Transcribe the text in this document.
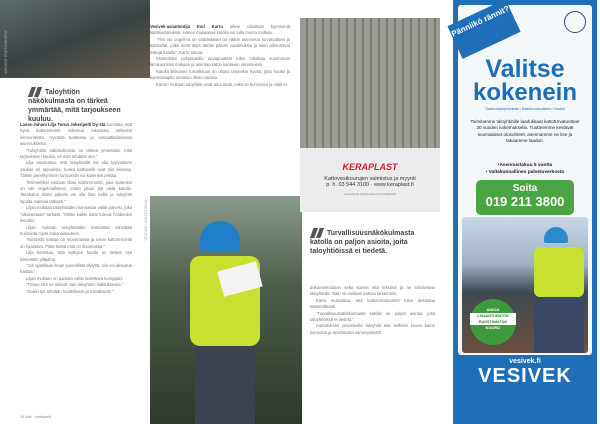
ARCHIVE PHOTOGRAPHY
Taloyhtiön näkökulmasta on tärkeä ymmärtää, mitä tarjoukseen kuuluu.

Lasse-Juhani Lilja Turun Jokeripelti Oy:stä korostaa, että hyvä kattoremontti rakentuu lukuisista tärkeistä elementeistä. Hyvästä tuotteista ja ammattitaitoisesta asennuksesta.

"Taloyhtiön näkökulmasta on tärkeä ymmärtää, mitä tarjoukseen kuuluu, eli mitä tehdään sen."

Lilja muistuttaa, että taloyhtiöllä voi olla tyytyväinen asukas eri tarjouksia, koska kattopellit ovat niin erilaisia. Tällöin perehtyminen tarjouksiin voi kuitenkin pettää.

"Esimerkiksi voidaan tilata kattoremontti, joka kuitenkin on niin ongelmallisesti, mutta jotain jää vielä katolle. Tasakaton tilattu palvelu voi olla liian kallis ja taloyhtiö lopulta maksaa tarkasti."

Liljan mukaan taloyhtiöiden kannattaa valita palvelu, joka "ulkoistetaan" tarkasti. Tällöin kaikki asiat tulevat hoidetuksi kerralla.

Liljan mukaan taloyhtiöiden kannattaa kiinnittää huomiota myös kokonaisuuteen.

"Kiinteistö kattoja on monenlaisia ja usein kattoremontti on haastava. Pitää tietää mitä on tilaamassa."

Lilja korostaa, että kattojen huolto on tärkeä osa kiinteistön ylläpitoa.

"Jos ajatellaan ilman kunnollista tiiviyttä, niin voi aiheutua haittaa."

Liljan mukaan on parasta valita luotettava kumppani.

"Toivon että ne olisivat vain taloyhtiön hallituksessa."

"Kaikki työ tehdään huolellisesti ja turvallisesti."

34 kite · kattopelti

Vesivek-asiantuntija Kari Karru tekee viikoittain kymmeniä kattokartoituksia. Hänen mukaansa katolla voi tulla monta mutkaa.

"Yksi iso ongelma on vääränlaiset tai väärin asennetut turvatuotteet ja kattosillat, jotka eivät täytä tämän päivän vaatimuksia ja siten aiheuttavat riskejä katolla", Karru toteaa.

Esimerkiksi pohjakatolla turvapuutteet tulee mitoittaa suurimman lumikuorman mukaan ja asentaa katon kantaviin rakenteisiin.

Katolla liikkuvien turvallisuus on oltava tarpeeksi hyvää, jotta huolto ja kunnossapito onnistuu ilman vaaraa.

Karrun mukaan taloyhtiöt eivät aina tiedä, mikä on kunnossa ja mikä ei.

VESIVEK / KATTOTURVA
KERAPLAST
Kattovesikourujen valmistus ja myynti
p. h. 03 544 3100 · www.keraplast.fi
Laadukkaat kattotuotteet ammattilaisille
Turvallisuusnäkökulmasta katolla on paljon asioita, joita taloyhtiöissä ei tiedetä.

dokumentoidaan sekä kuvina että tekstinä ja ne toimitetaan taloyhtiölle. Näin se voidaan katsoa tarkemmin.

Karru muistuttaa, että kattoturvatuotteet tulee tarkastaa säännöllisesti.

"Turvallisuusnäkökulmasta katolla on paljon asioita, joita taloyhtiöissä ei tiedetä."

Kartoituksen perusteella taloyhtiö saa selkeän kuvan katon kunnosta ja tarvittavista toimenpiteistä.

Pänniikö rännit?
Valitse
kokenein
Sadevesijärjestelmät • Kattoturvatuotteet • Huollot
Toimitamme taloyhtiöille laadukkaat kattoturvatuotteet 30 vuoden kokemuksella. Tuotteemme kestävät suomalaiset olosuhteet, asennamme ne itse ja takaamme laadun.
•Asennustakuu 5 vuotta
• Valtakunnallinen palveluverkosto
Soita
019 211 3800
AINOA
LIKAANTUMATON
RUOSTUMATON
KOURU
vesivek.fi
VESIVEK
